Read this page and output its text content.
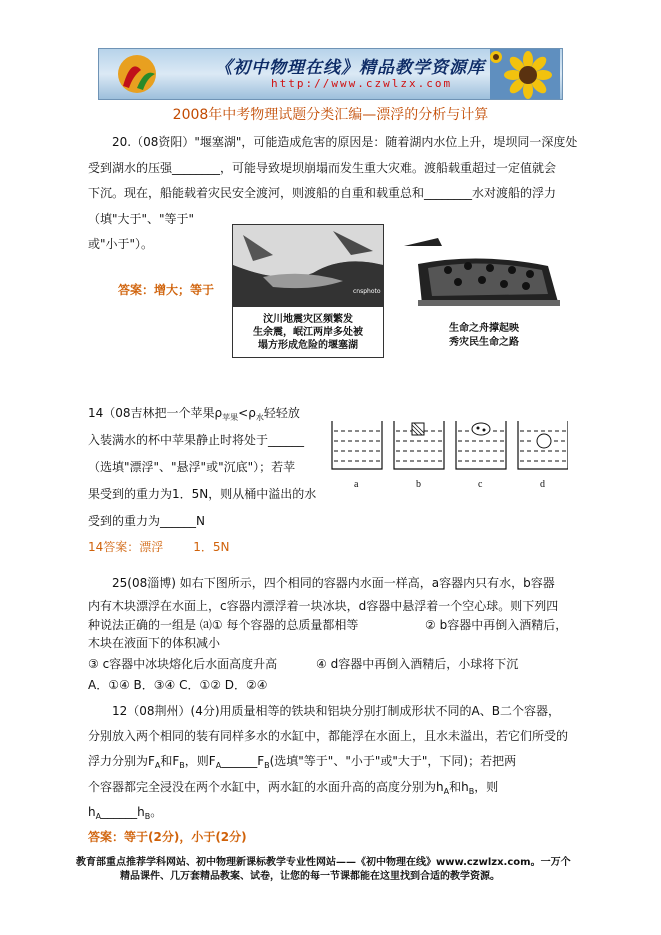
《初中物理在线》精品教学资源库
http://www.czwlzx.com
2008年中考物理试题分类汇编—漂浮的分析与计算
20.（08资阳）"堰塞湖"，可能造成危害的原因是：随着湖内水位上升，堤坝同一深度处
受到湖水的压强________，可能导致堤坝崩塌而发生重大灾难。渡船载重超过一定值就会
下沉。现在，船能载着灾民安全渡河，则渡船的自重和载重总和________水对渡船的浮力
（填"大于"、"等于"
或"小于"）。
答案：增大；等于	cnsphoto
汶川地震灾区频繁发
生余震，岷江两岸多处被
塌方形成危险的堰塞湖
生命之舟撑起映
秀灾民生命之路
14（08吉林把一个苹果$\rho_{苹果}<\rho_水$轻轻放
入装满水的杯中苹果静止时将处于______
（选填"漂浮"、"悬浮"或"沉底"）；若苹
果受到的重力为1．5N，则从桶中溢出的水
受到的重力为______N
a	b	c	d
14答案：漂浮	1．5N
25(08淄博) 如右下图所示，四个相同的容器内水面一样高，a容器内只有水，b容器
内有木块漂浮在水面上，c容器内漂浮着一块冰块，d容器中悬浮着一个空心球。则下列四
种说法正确的一组是 ⒜① 每个容器的总质量都相等	② b容器中再倒入酒精后，
木块在液面下的体积减小
③ c容器中冰块熔化后水面高度升高	④ d容器中再倒入酒精后，小球将下沉
A．①④ B．③④ C．①② D．②④
12（08荆州）(4分)用质量相等的铁块和铝块分别打制成形状不同的A、B二个容器，
分别放入两个相同的装有同样多水的水缸中，都能浮在水面上，且水未溢出，若它们所受的
浮力分别为$F_A$和$F_B$，则$F_A\_\_\_\_\_\_F_B$(选填"等于"、"小于"或"大于"，下同)；若把两
个容器都完全浸没在两个水缸中，两水缸的水面升高的高度分别为$h_A$和$h_B$，则
$h_A\_\_\_\_\_\_h_B$。
答案：等于(2分)，小于(2分)
教育部重点推荐学科网站、初中物理新课标教学专业性网站——《初中物理在线》www.czwlzx.com。一万个
精品课件、几万套精品教案、试卷，让您的每一节课都能在这里找到合适的教学资源。
